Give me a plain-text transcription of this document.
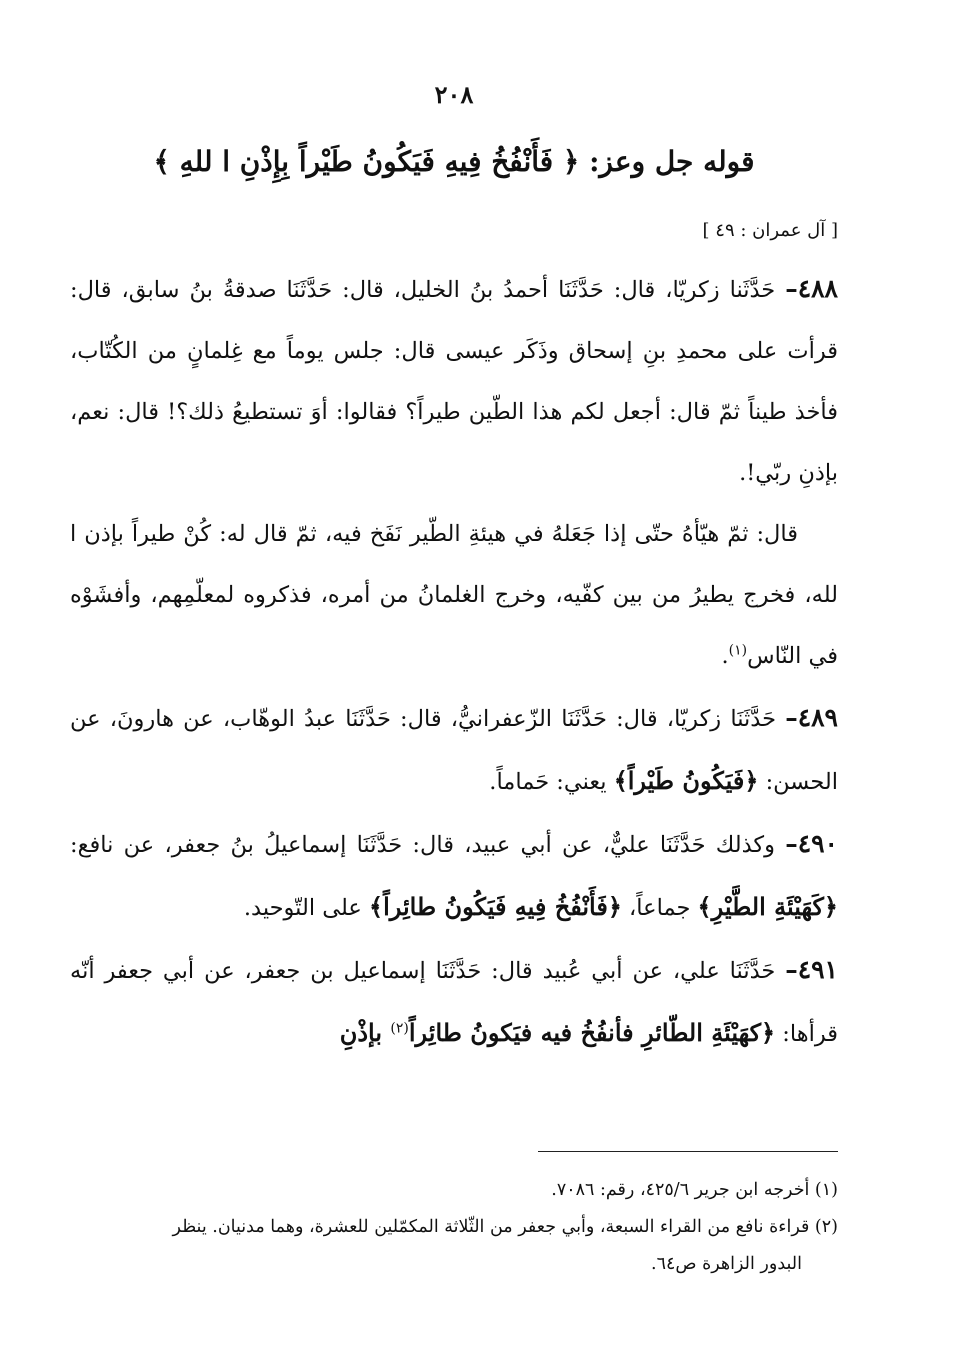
٢٠٨
قوله جل وعز: ﴿ فَأَنْفُخُ فِيهِ فَيَكُونُ طَيْراً بِإِذْنِ ا للهِ ﴾
[ آل عمران : ٤٩ ]

٤٨٨– حَدَّثَنا زكريّا، قال: حَدَّثَنَا أحمدُ بنُ الخليل، قال: حَدَّثَنَا صدقةُ بنُ سابق، قال: قرأت على محمدِ بنِ إسحاق وذَكَر عيسى قال: جلس يوماً مع غِلمانٍ من الكُتّاب، فأخذ طيناً ثمّ قال: أجعل لكم هذا الطّين طيراً؟ فقالوا: أوَ تستطيعُ ذلك؟! قال: نعم، بإذنِ ربّي!.

قال: ثمّ هيّأهُ حتّى إذا جَعَلهُ في هيئةِ الطّير نَفَخ فيه، ثمّ قال له: كُنْ طيراً بإذن ا لله، فخرج يطيرُ من بين كفّيه، وخرج الغلمانُ من أمره، فذكروه لمعلّمِهم، وأفشَوْه في النّاس$^{(١)}$.

٤٨٩– حَدَّثَنَا زكريّا، قال: حَدَّثَنَا الزّعفرانيُّ، قال: حَدَّثَنَا عبدُ الوهّاب، عن هارونَ، عن الحسن: ﴿فَيَكُونُ طَيْراً﴾ يعني: حَماماً.

٤٩٠– وكذلك حَدَّثَنَا عليٌّ، عن أبي عبيد، قال: حَدَّثَنَا إسماعيلُ بنُ جعفر، عن نافع: ﴿كَهَيْئَةِ الطَّيْرِ﴾ جماعاً، ﴿فَأَنْفُخُ فِيهِ فَيَكُونُ طائِراً﴾ على التّوحيد.

٤٩١– حَدَّثَنَا علي، عن أبي عُبيد قال: حَدَّثَنَا إسماعيل بن جعفر، عن أبي جعفر أنّه قرأها: ﴿كهَيْئَةِ الطّائرِ فأنفُخُ فيه فيَكونُ طائِراً$^{(٢)}$ بإذْنِ

(١) أخرجه ابن جرير ٤٢٥/٦، رقم: ٧٠٨٦.

(٢) قراءة نافع من القراء السبعة، وأبي جعفر من الثّلاثة المكمّلين للعشرة، وهما مدنيان. ينظر

البدور الزاهرة ص٦٤.
